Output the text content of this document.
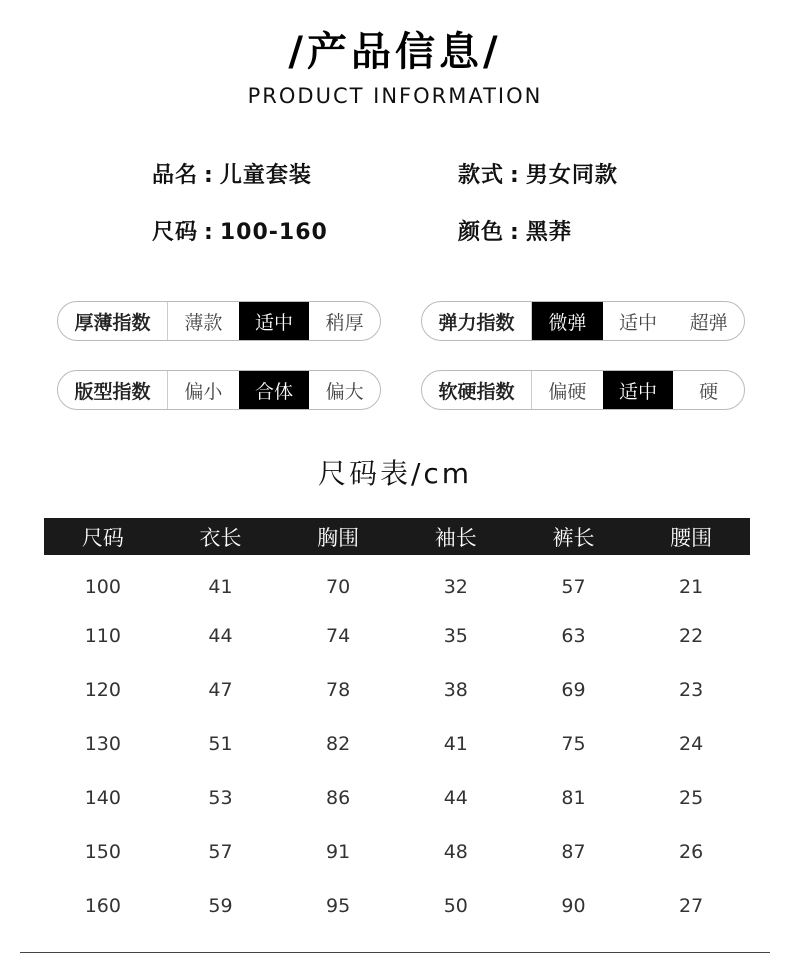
/产品信息/
PRODUCT INFORMATION
品名 : 儿童套装	款式 : 男女同款
尺码 : 100-160	颜色 : 黑莽
厚薄指数	薄款	适中	稍厚	弹力指数	微弹	适中	超弹
版型指数	偏小	合体	偏大	软硬指数	偏硬	适中	硬
尺码表/cm
尺码	衣长	胸围	袖长	裤长	腰围
100	41	70	32	57	21
110	44	74	35	63	22
120	47	78	38	69	23
130	51	82	41	75	24
140	53	86	44	81	25
150	57	91	48	87	26
160	59	95	50	90	27
